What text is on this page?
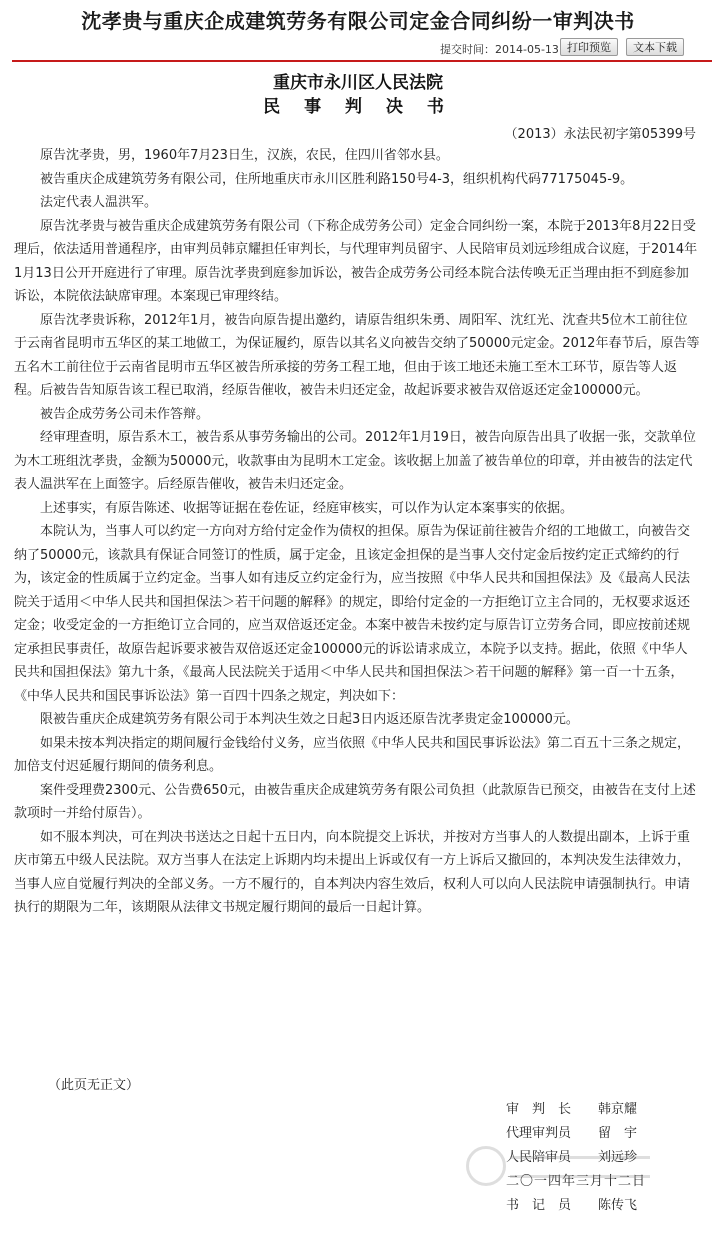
沈孝贵与重庆企成建筑劳务有限公司定金合同纠纷一审判决书
提交时间：2014-05-13 打印预览	文本下载
重庆市永川区人民法院
民 事 判 决 书
（2013）永法民初字第05399号

原告沈孝贵，男，1960年7月23日生，汉族，农民，住四川省邻水县。

被告重庆企成建筑劳务有限公司，住所地重庆市永川区胜利路150号4-3，组织机构代码77175045-9。

法定代表人温洪军。

原告沈孝贵与被告重庆企成建筑劳务有限公司（下称企成劳务公司）定金合同纠纷一案，本院于2013年8月22日受理后，依法适用普通程序，由审判员韩京耀担任审判长，与代理审判员留宇、人民陪审员刘远珍组成合议庭，于2014年1月13日公开开庭进行了审理。原告沈孝贵到庭参加诉讼，被告企成劳务公司经本院合法传唤无正当理由拒不到庭参加诉讼，本院依法缺席审理。本案现已审理终结。

原告沈孝贵诉称，2012年1月，被告向原告提出邀约，请原告组织朱勇、周阳军、沈红光、沈查共5位木工前往位于云南省昆明市五华区的某工地做工，为保证履约，原告以其名义向被告交纳了50000元定金。2012年春节后，原告等五名木工前往位于云南省昆明市五华区被告所承接的劳务工程工地，但由于该工地还未施工至木工环节，原告等人返程。后被告告知原告该工程已取消，经原告催收，被告未归还定金，故起诉要求被告双倍返还定金100000元。

被告企成劳务公司未作答辩。

经审理查明，原告系木工，被告系从事劳务输出的公司。2012年1月19日，被告向原告出具了收据一张，交款单位为木工班组沈孝贵，金额为50000元，收款事由为昆明木工定金。该收据上加盖了被告单位的印章，并由被告的法定代表人温洪军在上面签字。后经原告催收，被告未归还定金。

上述事实，有原告陈述、收据等证据在卷佐证，经庭审核实，可以作为认定本案事实的依据。

本院认为，当事人可以约定一方向对方给付定金作为债权的担保。原告为保证前往被告介绍的工地做工，向被告交纳了50000元，该款具有保证合同签订的性质，属于定金，且该定金担保的是当事人交付定金后按约定正式缔约的行为，该定金的性质属于立约定金。当事人如有违反立约定金行为，应当按照《中华人民共和国担保法》及《最高人民法院关于适用＜中华人民共和国担保法＞若干问题的解释》的规定，即给付定金的一方拒绝订立主合同的，无权要求返还定金；收受定金的一方拒绝订立合同的，应当双倍返还定金。本案中被告未按约定与原告订立劳务合同，即应按前述规定承担民事责任，故原告起诉要求被告双倍返还定金100000元的诉讼请求成立，本院予以支持。据此，依照《中华人民共和国担保法》第九十条，《最高人民法院关于适用＜中华人民共和国担保法＞若干问题的解释》第一百一十五条，《中华人民共和国民事诉讼法》第一百四十四条之规定，判决如下：

限被告重庆企成建筑劳务有限公司于本判决生效之日起3日内返还原告沈孝贵定金100000元。

如果未按本判决指定的期间履行金钱给付义务，应当依照《中华人民共和国民事诉讼法》第二百五十三条之规定，加倍支付迟延履行期间的债务利息。

案件受理费2300元、公告费650元，由被告重庆企成建筑劳务有限公司负担（此款原告已预交，由被告在支付上述款项时一并给付原告）。

如不服本判决，可在判决书送达之日起十五日内，向本院提交上诉状，并按对方当事人的人数提出副本，上诉于重庆市第五中级人民法院。双方当事人在法定上诉期内均未提出上诉或仅有一方上诉后又撤回的，本判决发生法律效力，当事人应自觉履行判决的全部义务。一方不履行的，自本判决内容生效后，权利人可以向人民法院申请强制执行。申请执行的期限为二年，该期限从法律文书规定履行期间的最后一日起计算。

（此页无正文）
审　判　长	韩京耀
代理审判员	留　宇
人民陪审员	刘远珍
二〇一四年三月十二日
书　记　员	陈传飞
